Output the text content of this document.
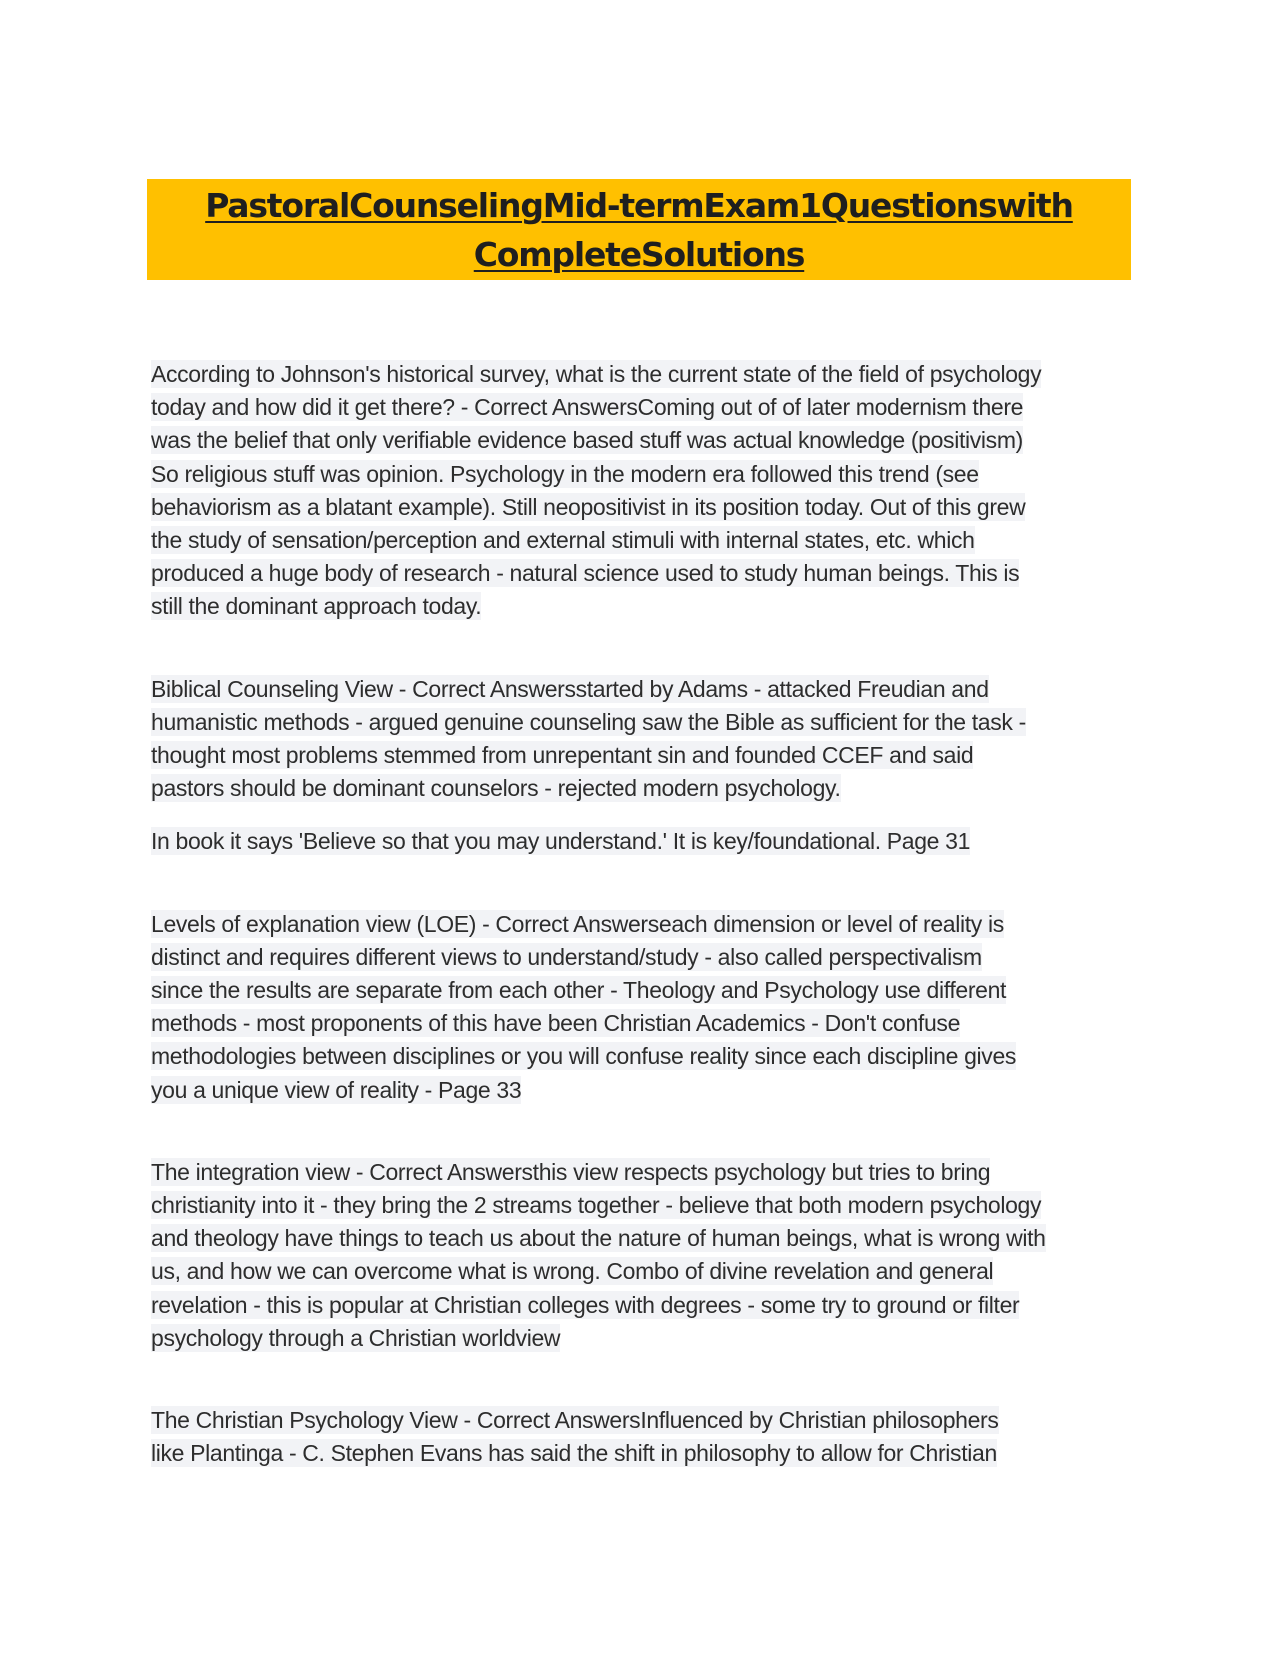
PastoralCounselingMid-termExam1Questionswith CompleteSolutions

According to Johnson's historical survey, what is the current state of the field of psychology
today and how did it get there? - Correct AnswersComing out of of later modernism there
was the belief that only verifiable evidence based stuff was actual knowledge (positivism)
So religious stuff was opinion. Psychology in the modern era followed this trend (see
behaviorism as a blatant example). Still neopositivist in its position today. Out of this grew
the study of sensation/perception and external stimuli with internal states, etc. which
produced a huge body of research - natural science used to study human beings. This is
still the dominant approach today.

Biblical Counseling View - Correct Answersstarted by Adams - attacked Freudian and
humanistic methods - argued genuine counseling saw the Bible as sufficient for the task -
thought most problems stemmed from unrepentant sin and founded CCEF and said
pastors should be dominant counselors - rejected modern psychology.

In book it says 'Believe so that you may understand.' It is key/foundational. Page 31

Levels of explanation view (LOE) - Correct Answerseach dimension or level of reality is
distinct and requires different views to understand/study - also called perspectivalism
since the results are separate from each other - Theology and Psychology use different
methods - most proponents of this have been Christian Academics - Don't confuse
methodologies between disciplines or you will confuse reality since each discipline gives
you a unique view of reality - Page 33

The integration view - Correct Answersthis view respects psychology but tries to bring
christianity into it - they bring the 2 streams together - believe that both modern psychology
and theology have things to teach us about the nature of human beings, what is wrong with
us, and how we can overcome what is wrong. Combo of divine revelation and general
revelation - this is popular at Christian colleges with degrees - some try to ground or filter
psychology through a Christian worldview

The Christian Psychology View - Correct AnswersInfluenced by Christian philosophers
like Plantinga - C. Stephen Evans has said the shift in philosophy to allow for Christian
